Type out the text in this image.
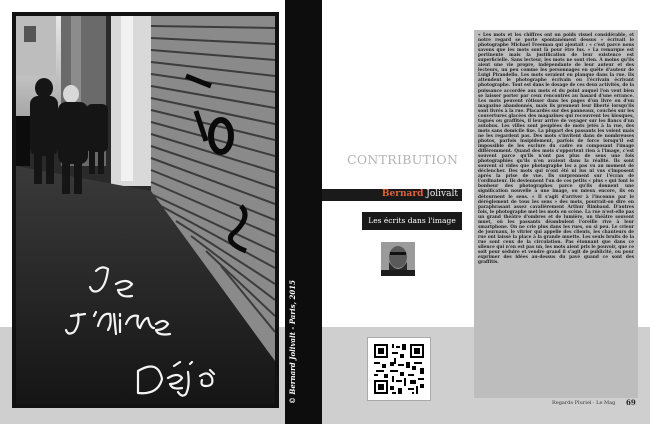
© Bernard Jolivalt - Paris, 2015
CONTRIBUTION
Bernard Jolivalt
Les écrits dans l'image

« Les mots et les chiffres ont un poids visuel considérable, et notre regard se porte spontanément dessus » écrivait le photographe Michael Freeman qui ajoutait : « c'est parce nous savons que les mots sont là pour être lus. » La remarque est pertinente mais la justification de leur existence est superficielle. Sans lecteur, les mots ne sont rien. À moins qu'ils aient une vie propre, indépendante de leur auteur et des lecteurs, un peu comme les personnages en quête d'auteur de Luigi Pirandello. Les mots seraient en planque dans la rue. Ils attendent le photographe écrivain ou l'écrivain écrivant photographe. Tout est dans le dosage de ces deux activités, de la puissance accordée aux mots et du point auquel l'on veut bien se laisser porter par ceux rencontrés au hasard d'une errance. Les mots peuvent rôtisser dans les pages d'un livre ou d'un magazine abandonnés, mais ils prennent leur liberté lorsqu'ils sont livrés à la rue. Placardés sur des panneaux, couchés sur les couvertures glacées des magazines qui recouvrent les kiosques, tagués ou graffités, il leur arrive de voyager sur les flancs d'un autobus. Les villes sont peuplées de mots jetés à la rue, des mots sans domicile fixe. La plupart des passants les voient mais ne les regardent pas. Des mots s'invitent dans de nombreuses photos, parfois insipidement, parfois de force lorsqu'il est impossible de les exclure du cadre en composant l'image différemment. Quand des mots s'opportent rien à l'image, c'est souvent parce qu'ils n'ont pas plus de sens une fois photographiés qu'ils n'en avaient dans la réalité. Ils sont souvent si vides que photographe les a pas vu au moment de déclencher. Des mots qui n'ont été ni lus ni vus s'imposent après la prise de vue. Ils surprennent sur l'écran de l'ordinateur. Ils deviennent l'un de ces petits « plus » qui font le bonheur des photographes parce qu'ils donnent une signification nouvelle à une image, ou mieux encore, ils en détournent le sens. « Il s'agit d'arriver à l'inconnu par le dérèglement de tous les sens » des mots, pourrait-on dire en paraphrasant assez cavalièrement Arthur Rimbaud. D'autres fois, le photographe met les mots en scène. La rue n'est-elle pas un grand théâtre d'ombres et de lumière, un théâtre souvent muet, où les passants déambulent l'oreille rive à leur smartphone. On ne crie plus dans les rues, ou si peu. Le crieur de journaux, le vitrier qui appelle des clients, les chanteurs de rue ont laissé la place à la grande muette. Les seuls bruits de la rue sont ceux de la circulation. Pas étonnant que dans ce silence qui n'en est pas un, les mots aient pris le pouvoir, que ce soit pour séduire et vendre grand il s'agit de publicité, ou pour exprimer des idées au-dessus du pavé quand ce sont des graffitis.

Regards Pluriel · Le Mag 69
